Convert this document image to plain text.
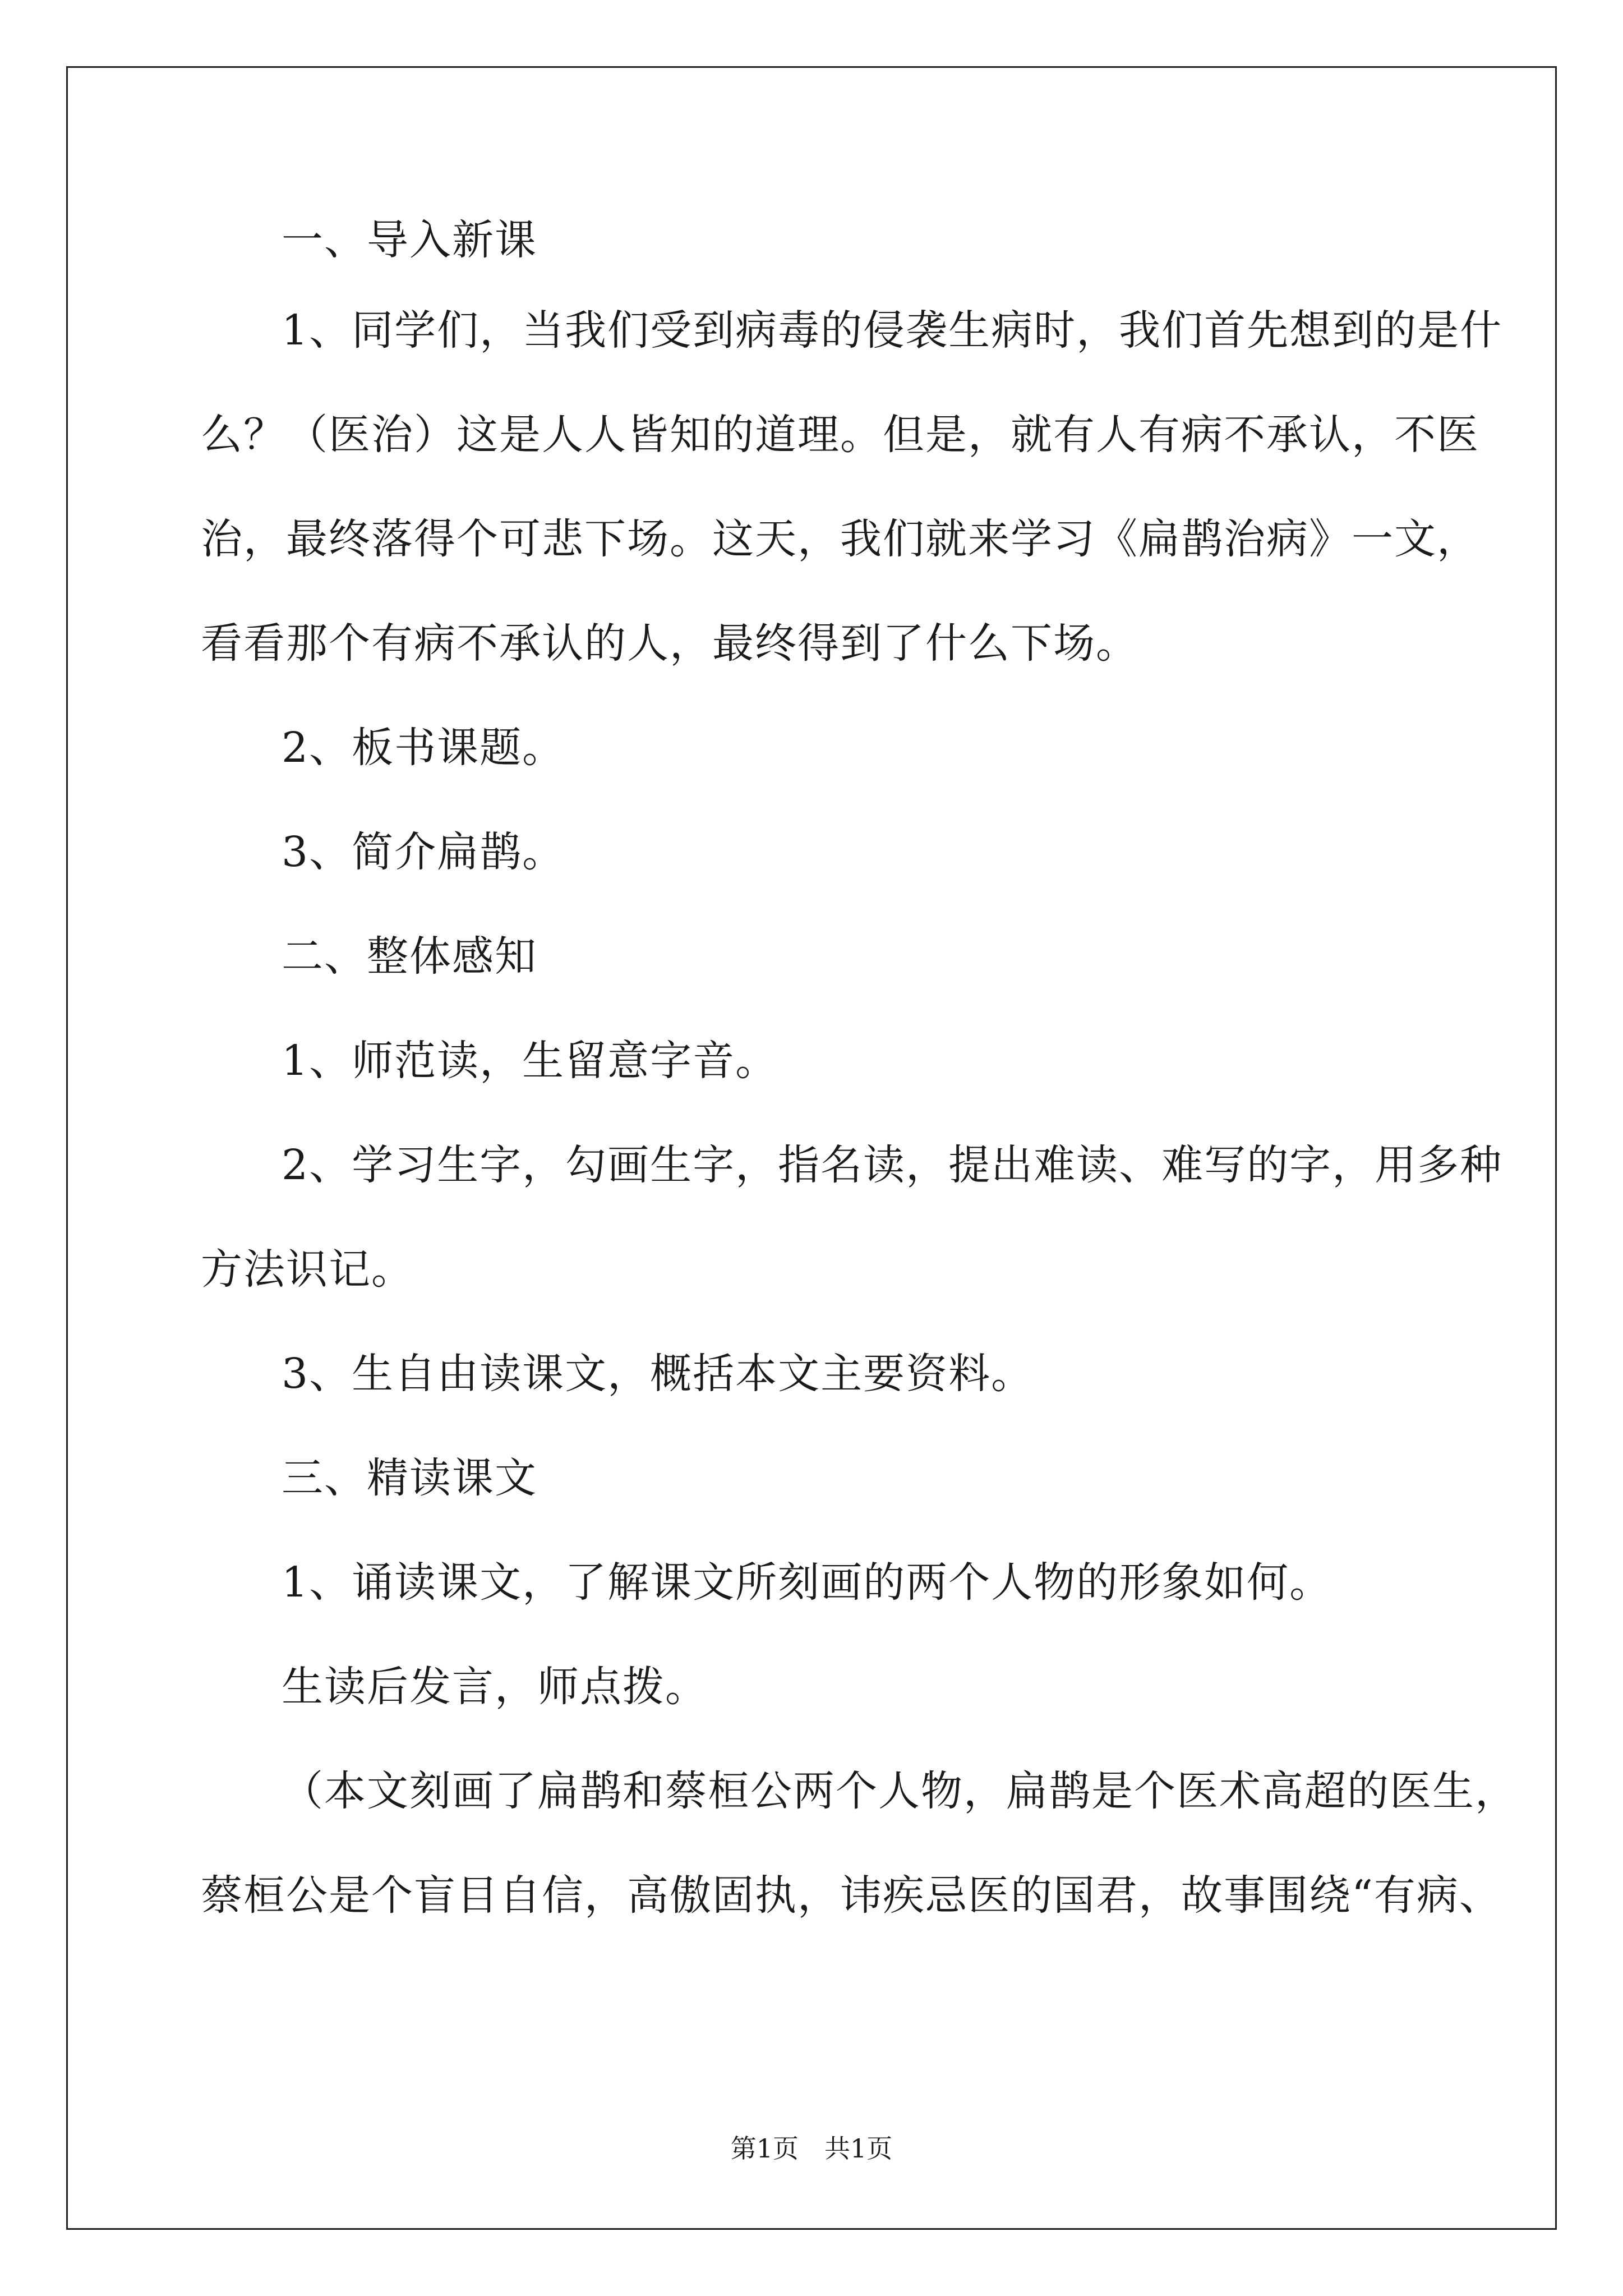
一、导入新课
1、同学们，当我们受到病毒的侵袭生病时，我们首先想到的是什
么？（医治）这是人人皆知的道理。但是，就有人有病不承认，不医
治，最终落得个可悲下场。这天，我们就来学习《扁鹊治病》一文，
看看那个有病不承认的人，最终得到了什么下场。
2、板书课题。
3、简介扁鹊。
二、整体感知
1、师范读，生留意字音。
2、学习生字，勾画生字，指名读，提出难读、难写的字，用多种
方法识记。
3、生自由读课文，概括本文主要资料。
三、精读课文
1、诵读课文，了解课文所刻画的两个人物的形象如何。
生读后发言，师点拨。
（本文刻画了扁鹊和蔡桓公两个人物，扁鹊是个医术高超的医生，
蔡桓公是个盲目自信，高傲固执，讳疾忌医的国君，故事围绕“有病、
第1页　共1页
